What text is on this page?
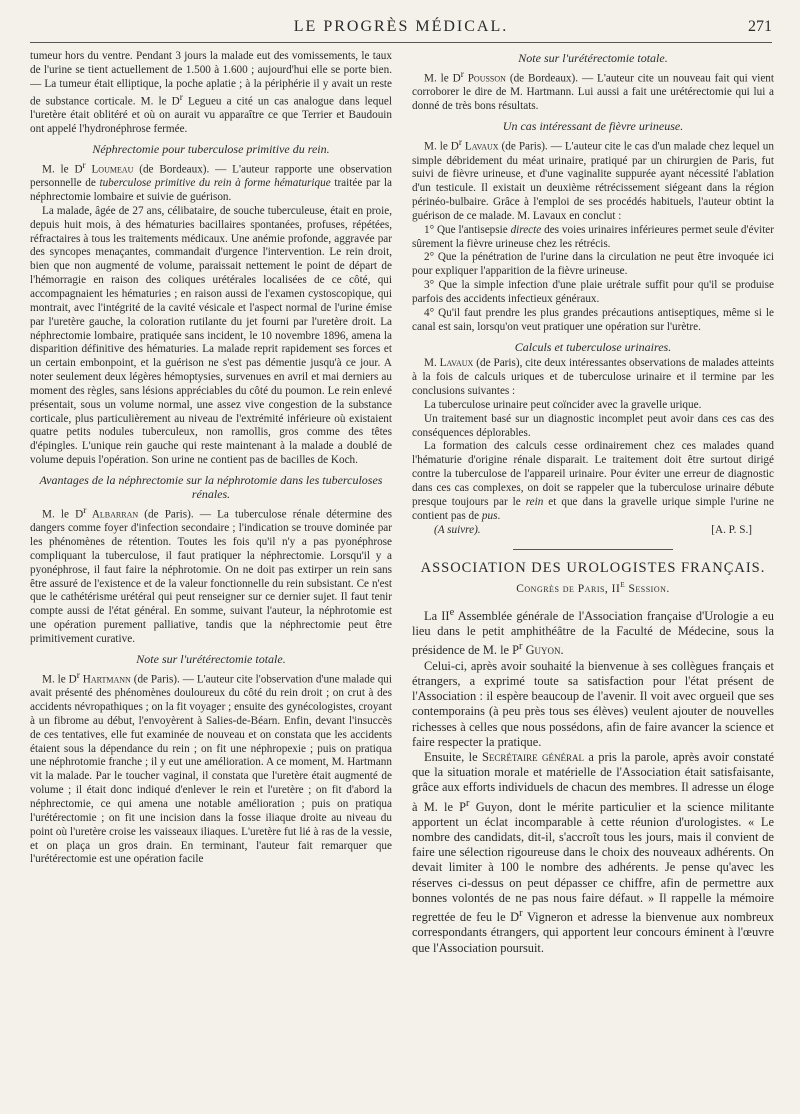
LE PROGRÈS MÉDICAL.	271

tumeur hors du ventre. Pendant 3 jours la malade eut des vomissements, le taux de l'urine se tient actuellement de 1.500 à 1.600 ; aujourd'hui elle se porte bien. — La tumeur était elliptique, la poche aplatie ; à la périphérie il y avait un reste de substance corticale. M. le $D^r$ Legueu a cité un cas analogue dans lequel l'uretère était oblitéré et où on aurait vu apparaître ce que Terrier et Baudouin ont appelé l'hydronéphrose fermée.

Néphrectomie pour tuberculose primitive du rein.

M. le $D^r$ Loumeau (de Bordeaux). — L'auteur rapporte une observation personnelle de tuberculose primitive du rein à forme hématurique traitée par la néphrectomie lombaire et suivie de guérison.

La malade, âgée de 27 ans, célibataire, de souche tuberculeuse, était en proie, depuis huit mois, à des hématuries bacillaires spontanées, profuses, répétées, réfractaires à tous les traitements médicaux. Une anémie profonde, aggravée par des syncopes menaçantes, commandait d'urgence l'intervention. Le rein droit, bien que non augmenté de volume, paraissait nettement le point de départ de l'hémorragie en raison des coliques urétérales localisées de ce côté, qui accompagnaient les hématuries ; en raison aussi de l'examen cystoscopique, qui montrait, avec l'intégrité de la cavité vésicale et l'aspect normal de l'urine émise par l'uretère gauche, la coloration rutilante du jet fourni par l'uretère droit. La néphrectomie lombaire, pratiquée sans incident, le 10 novembre 1896, amena la disparition définitive des hématuries. La malade reprit rapidement ses forces et un certain embonpoint, et la guérison ne s'est pas démentie jusqu'à ce jour. A noter seulement deux légères hémoptysies, survenues en avril et mai derniers au moment des règles, sans lésions appréciables du côté du poumon. Le rein enlevé présentait, sous un volume normal, une assez vive congestion de la substance corticale, plus particulièrement au niveau de l'extrémité inférieure où existaient quatre petits nodules tuberculeux, non ramollis, gros comme des têtes d'épingles. L'unique rein gauche qui reste maintenant à la malade a doublé de volume depuis l'opération. Son urine ne contient pas de bacilles de Koch.

Avantages de la néphrectomie sur la néphrotomie dans les tuberculoses rénales.

M. le $D^r$ Albarran (de Paris). — La tuberculose rénale détermine des dangers comme foyer d'infection secondaire ; l'indication se trouve dominée par les phénomènes de rétention. Toutes les fois qu'il n'y a pas pyonéphrose compliquant la tuberculose, il faut pratiquer la néphrectomie. Lorsqu'il y a pyonéphrose, il faut faire la néphrotomie. On ne doit pas extirper un rein sans être assuré de l'existence et de la valeur fonctionnelle du rein subsistant. Ce n'est que le cathétérisme urétéral qui peut renseigner sur ce dernier sujet. Il faut tenir compte aussi de l'état général. En somme, suivant l'auteur, la néphrotomie est une opération purement palliative, tandis que la néphrectomie peut être primitivement curative.

Note sur l'urétérectomie totale.

M. le $D^r$ Hartmann (de Paris). — L'auteur cite l'observation d'une malade qui avait présenté des phénomènes douloureux du côté du rein droit ; on crut à des accidents névropathiques ; on la fit voyager ; ensuite des gynécologistes, croyant à un fibrome au début, l'envoyèrent à Salies-de-Béarn. Enfin, devant l'insuccès de ces tentatives, elle fut examinée de nouveau et on constata que les accidents étaient sous la dépendance du rein ; on fit une néphropexie ; puis on pratiqua une néphrotomie franche ; il y eut une amélioration. A ce moment, M. Hartmann vit la malade. Par le toucher vaginal, il constata que l'uretère était augmenté de volume ; il était donc indiqué d'enlever le rein et l'uretère ; on fit d'abord la néphrectomie, ce qui amena une notable amélioration ; puis on pratiqua l'urétérectomie ; on fit une incision dans la fosse iliaque droite au niveau du point où l'uretère croise les vaisseaux iliaques. L'uretère fut lié à ras de la vessie, et on plaça un gros drain. En terminant, l'auteur fait remarquer que l'urétérectomie est une opération facile

Note sur l'urétérectomie totale.

M. le $D^r$ Pousson (de Bordeaux). — L'auteur cite un nouveau fait qui vient corroborer le dire de M. Hartmann. Lui aussi a fait une urétérectomie qui lui a donné de très bons résultats.

Un cas intéressant de fièvre urineuse.

M. le $D^r$ Lavaux (de Paris). — L'auteur cite le cas d'un malade chez lequel un simple débridement du méat urinaire, pratiqué par un chirurgien de Paris, fut suivi de fièvre urineuse, et d'une vaginalite suppurée ayant nécessité l'ablation d'un testicule. Il existait un deuxième rétrécissement siégeant dans la région périnéo-bulbaire. Grâce à l'emploi de ses procédés habituels, l'auteur obtint la guérison de ce malade. M. Lavaux en conclut :

1° Que l'antisepsie directe des voies urinaires inférieures permet seule d'éviter sûrement la fièvre urineuse chez les rétrécis.

2° Que la pénétration de l'urine dans la circulation ne peut être invoquée ici pour expliquer l'apparition de la fièvre urineuse.

3° Que la simple infection d'une plaie urétrale suffit pour qu'il se produise parfois des accidents infectieux généraux.

4° Qu'il faut prendre les plus grandes précautions antiseptiques, même si le canal est sain, lorsqu'on veut pratiquer une opération sur l'urètre.

Calculs et tuberculose urinaires.

M. Lavaux (de Paris), cite deux intéressantes observations de malades atteints à la fois de calculs uriques et de tuberculose urinaire et il termine par les conclusions suivantes :

La tuberculose urinaire peut coïncider avec la gravelle urique.

Un traitement basé sur un diagnostic incomplet peut avoir dans ces cas des conséquences déplorables.

La formation des calculs cesse ordinairement chez ces malades quand l'hématurie d'origine rénale disparait. Le traitement doit être surtout dirigé contre la tuberculose de l'appareil urinaire. Pour éviter une erreur de diagnostic dans ces cas complexes, on doit se rappeler que la tuberculose urinaire débute presque toujours par le rein et que dans la gravelle urique simple l'urine ne contient pas de pus.

(A suivre).	[A. P. S.]
ASSOCIATION DES UROLOGISTES FRANÇAIS.
Congrès de Paris, IIe Session.

La IIe Assemblée générale de l'Association française d'Urologie a eu lieu dans le petit amphithéâtre de la Faculté de Médecine, sous la présidence de M. le $P^r$ Guyon.

Celui-ci, après avoir souhaité la bienvenue à ses collègues français et étrangers, a exprimé toute sa satisfaction pour l'état présent de l'Association : il espère beaucoup de l'avenir. Il voit avec orgueil que ses contemporains (à peu près tous ses élèves) veulent ajouter de nouvelles richesses à celles que nous possédons, afin de faire avancer la science et faire respecter la pratique.

Ensuite, le Secrétaire général a pris la parole, après avoir constaté que la situation morale et matérielle de l'Association était satisfaisante, grâce aux efforts individuels de chacun des membres. Il adresse un éloge à M. le $P^r$ Guyon, dont le mérite particulier et la science militante apportent un éclat incomparable à cette réunion d'urologistes. « Le nombre des candidats, dit-il, s'accroît tous les jours, mais il convient de faire une sélection rigoureuse dans le choix des nouveaux adhérents. On devait limiter à 100 le nombre des adhérents. Je pense qu'avec les réserves ci-dessus on peut dépasser ce chiffre, afin de permettre aux bonnes volontés de ne pas nous faire défaut. » Il rappelle la mémoire regrettée de feu le $D^r$ Vigneron et adresse la bienvenue aux nombreux correspondants étrangers, qui apportent leur concours éminent à l'œuvre que l'Association poursuit.
